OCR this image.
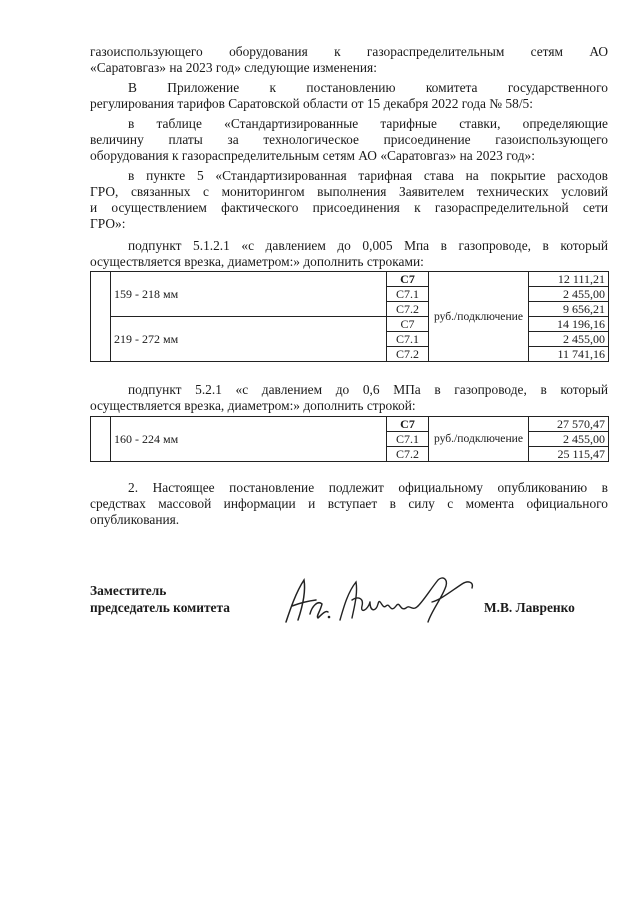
газоиспользующего оборудования к газораспределительным сетям АО
«Саратовгаз» на 2023 год» следующие изменения:

В Приложение к постановлению комитета государственного
регулирования тарифов Саратовской области от 15 декабря 2022 года № 58/5:

в таблице «Стандартизированные тарифные ставки, определяющие
величину платы за технологическое присоединение газоиспользующего
оборудования к газораспределительным сетям АО «Саратовгаз» на 2023 год»:

в пункте 5 «Стандартизированная тарифная става на покрытие расходов
ГРО, связанных с мониторингом выполнения Заявителем технических условий
и осуществлением фактического присоединения к газораспределительной сети
ГРО»:

подпункт 5.1.2.1 «с давлением до 0,005 Мпа в газопроводе, в который
осуществляется врезка, диаметром:» дополнить строками:

	159 - 218 мм	С7	руб./подключение	12 111,21
		С7.1		2 455,00
		С7.2		9 656,21
	219 - 272 мм	С7		14 196,16
		С7.1		2 455,00
		С7.2		11 741,16

подпункт 5.2.1 «с давлением до 0,6 МПа в газопроводе, в который
осуществляется врезка, диаметром:» дополнить строкой:

	160 - 224 мм	С7	руб./подключение	27 570,47
		С7.1		2 455,00
		С7.2		25 115,47

2. Настоящее постановление подлежит официальному опубликованию в
средствах массовой информации и вступает в силу с момента официального
опубликования.

Заместитель
председатель комитета	М.В. Лавренко
